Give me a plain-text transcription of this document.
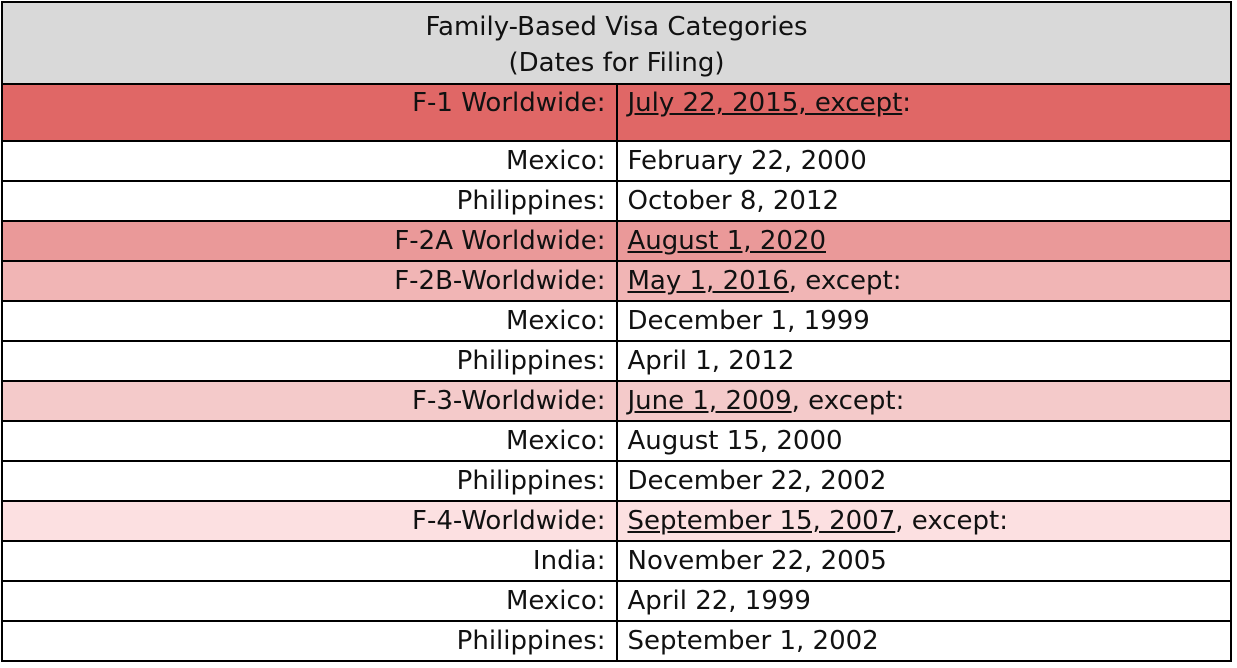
Family-Based Visa Categories
(Dates for Filing)	

F-1 Worldwide:	July 22, 2015, except:
Mexico:	February 22, 2000
Philippines:	October 8, 2012
F-2A Worldwide:	August 1, 2020
F-2B-Worldwide:	May 1, 2016, except:
Mexico:	December 1, 1999
Philippines:	April 1, 2012
F-3-Worldwide:	June 1, 2009, except:
Mexico:	August 15, 2000
Philippines:	December 22, 2002
F-4-Worldwide:	September 15, 2007, except:
India:	November 22, 2005
Mexico:	April 22, 1999
Philippines:	September 1, 2002
